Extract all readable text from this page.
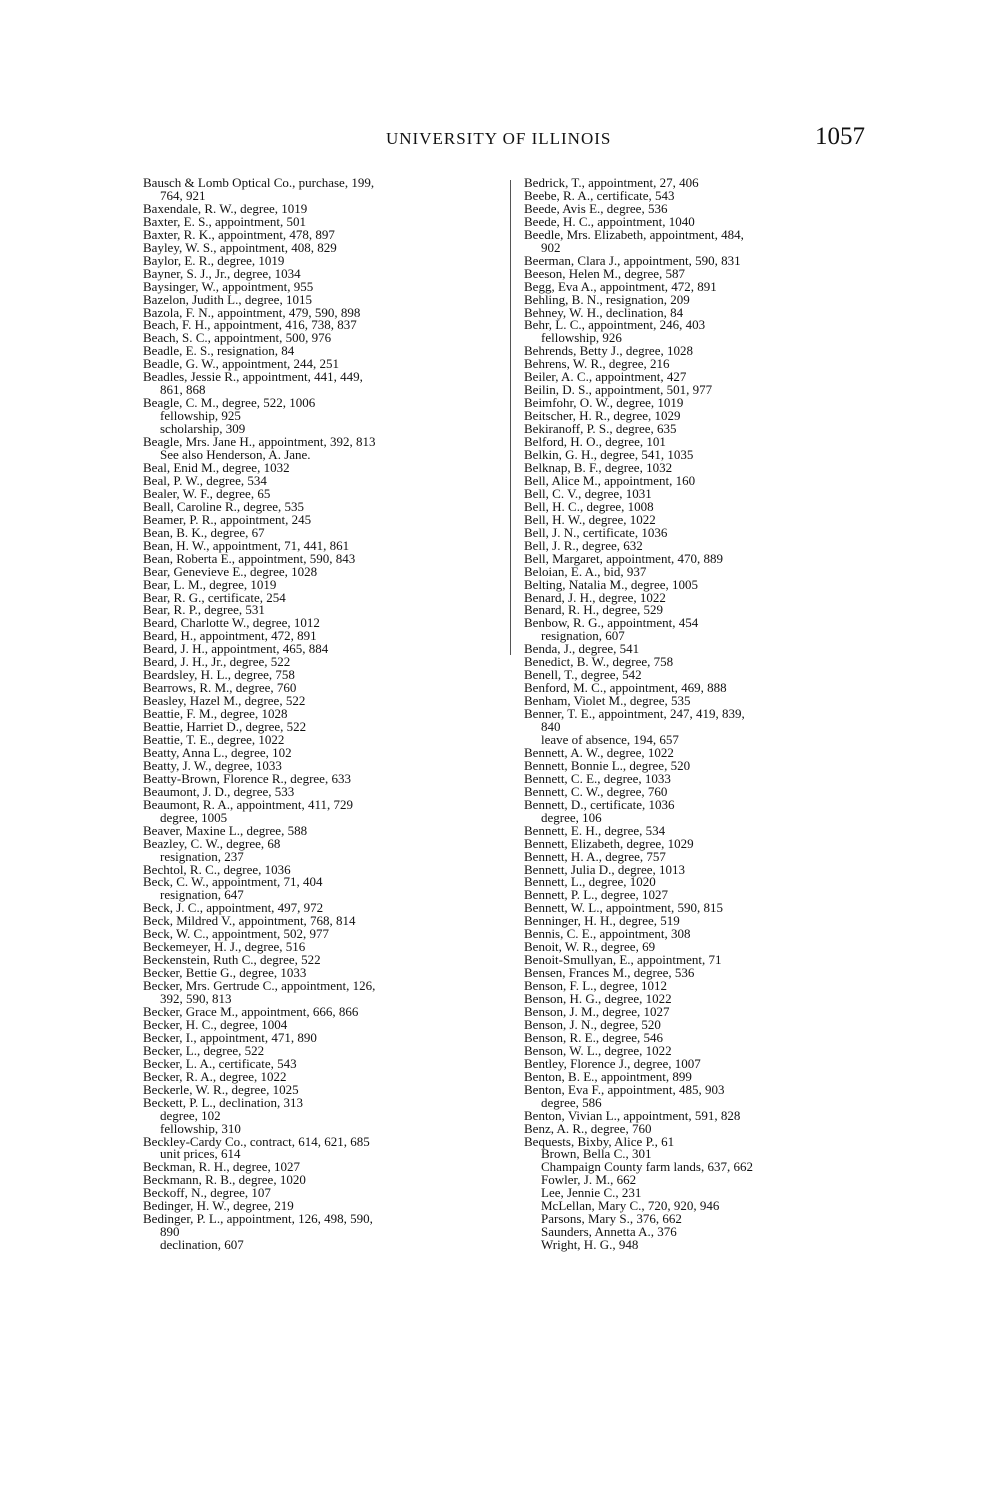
UNIVERSITY OF ILLINOIS	1057
Bausch & Lomb Optical Co., purchase, 199,
764, 921
Baxendale, R. W., degree, 1019
Baxter, E. S., appointment, 501
Baxter, R. K., appointment, 478, 897
Bayley, W. S., appointment, 408, 829
Baylor, E. R., degree, 1019
Bayner, S. J., Jr., degree, 1034
Baysinger, W., appointment, 955
Bazelon, Judith L., degree, 1015
Bazola, F. N., appointment, 479, 590, 898
Beach, F. H., appointment, 416, 738, 837
Beach, S. C., appointment, 500, 976
Beadle, E. S., resignation, 84
Beadle, G. W., appointment, 244, 251
Beadles, Jessie R., appointment, 441, 449,
861, 868
Beagle, C. M., degree, 522, 1006
fellowship, 925
scholarship, 309
Beagle, Mrs. Jane H., appointment, 392, 813
See also Henderson, A. Jane.
Beal, Enid M., degree, 1032
Beal, P. W., degree, 534
Bealer, W. F., degree, 65
Beall, Caroline R., degree, 535
Beamer, P. R., appointment, 245
Bean, B. K., degree, 67
Bean, H. W., appointment, 71, 441, 861
Bean, Roberta E., appointment, 590, 843
Bear, Genevieve E., degree, 1028
Bear, L. M., degree, 1019
Bear, R. G., certificate, 254
Bear, R. P., degree, 531
Beard, Charlotte W., degree, 1012
Beard, H., appointment, 472, 891
Beard, J. H., appointment, 465, 884
Beard, J. H., Jr., degree, 522
Beardsley, H. L., degree, 758
Bearrows, R. M., degree, 760
Beasley, Hazel M., degree, 522
Beattie, F. M., degree, 1028
Beattie, Harriet D., degree, 522
Beattie, T. E., degree, 1022
Beatty, Anna L., degree, 102
Beatty, J. W., degree, 1033
Beatty-Brown, Florence R., degree, 633
Beaumont, J. D., degree, 533
Beaumont, R. A., appointment, 411, 729
degree, 1005
Beaver, Maxine L., degree, 588
Beazley, C. W., degree, 68
resignation, 237
Bechtol, R. C., degree, 1036
Beck, C. W., appointment, 71, 404
resignation, 647
Beck, J. C., appointment, 497, 972
Beck, Mildred V., appointment, 768, 814
Beck, W. C., appointment, 502, 977
Beckemeyer, H. J., degree, 516
Beckenstein, Ruth C., degree, 522
Becker, Bettie G., degree, 1033
Becker, Mrs. Gertrude C., appointment, 126,
392, 590, 813
Becker, Grace M., appointment, 666, 866
Becker, H. C., degree, 1004
Becker, I., appointment, 471, 890
Becker, L., degree, 522
Becker, L. A., certificate, 543
Becker, R. A., degree, 1022
Beckerle, W. R., degree, 1025
Beckett, P. L., declination, 313
degree, 102
fellowship, 310
Beckley-Cardy Co., contract, 614, 621, 685
unit prices, 614
Beckman, R. H., degree, 1027
Beckmann, R. B., degree, 1020
Beckoff, N., degree, 107
Bedinger, H. W., degree, 219
Bedinger, P. L., appointment, 126, 498, 590,
890
declination, 607
Bedrick, T., appointment, 27, 406
Beebe, R. A., certificate, 543
Beede, Avis E., degree, 536
Beede, H. C., appointment, 1040
Beedle, Mrs. Elizabeth, appointment, 484,
902
Beerman, Clara J., appointment, 590, 831
Beeson, Helen M., degree, 587
Begg, Eva A., appointment, 472, 891
Behling, B. N., resignation, 209
Behney, W. H., declination, 84
Behr, L. C., appointment, 246, 403
fellowship, 926
Behrends, Betty J., degree, 1028
Behrens, W. R., degree, 216
Beiler, A. C., appointment, 427
Beilin, D. S., appointment, 501, 977
Beimfohr, O. W., degree, 1019
Beitscher, H. R., degree, 1029
Bekiranoff, P. S., degree, 635
Belford, H. O., degree, 101
Belkin, G. H., degree, 541, 1035
Belknap, B. F., degree, 1032
Bell, Alice M., appointment, 160
Bell, C. V., degree, 1031
Bell, H. C., degree, 1008
Bell, H. W., degree, 1022
Bell, J. N., certificate, 1036
Bell, J. R., degree, 632
Bell, Margaret, appointment, 470, 889
Beloian, E. A., bid, 937
Belting, Natalia M., degree, 1005
Benard, J. H., degree, 1022
Benard, R. H., degree, 529
Benbow, R. G., appointment, 454
resignation, 607
Benda, J., degree, 541
Benedict, B. W., degree, 758
Benell, T., degree, 542
Benford, M. C., appointment, 469, 888
Benham, Violet M., degree, 535
Benner, T. E., appointment, 247, 419, 839,
840
leave of absence, 194, 657
Bennett, A. W., degree, 1022
Bennett, Bonnie L., degree, 520
Bennett, C. E., degree, 1033
Bennett, C. W., degree, 760
Bennett, D., certificate, 1036
degree, 106
Bennett, E. H., degree, 534
Bennett, Elizabeth, degree, 1029
Bennett, H. A., degree, 757
Bennett, Julia D., degree, 1013
Bennett, L., degree, 1020
Bennett, P. L., degree, 1027
Bennett, W. L., appointment, 590, 815
Benninger, H. H., degree, 519
Bennis, C. E., appointment, 308
Benoit, W. R., degree, 69
Benoit-Smullyan, E., appointment, 71
Bensen, Frances M., degree, 536
Benson, F. L., degree, 1012
Benson, H. G., degree, 1022
Benson, J. M., degree, 1027
Benson, J. N., degree, 520
Benson, R. E., degree, 546
Benson, W. L., degree, 1022
Bentley, Florence J., degree, 1007
Benton, B. E., appointment, 899
Benton, Eva F., appointment, 485, 903
degree, 586
Benton, Vivian L., appointment, 591, 828
Benz, A. R., degree, 760
Bequests, Bixby, Alice P., 61
Brown, Bella C., 301
Champaign County farm lands, 637, 662
Fowler, J. M., 662
Lee, Jennie C., 231
McLellan, Mary C., 720, 920, 946
Parsons, Mary S., 376, 662
Saunders, Annetta A., 376
Wright, H. G., 948
